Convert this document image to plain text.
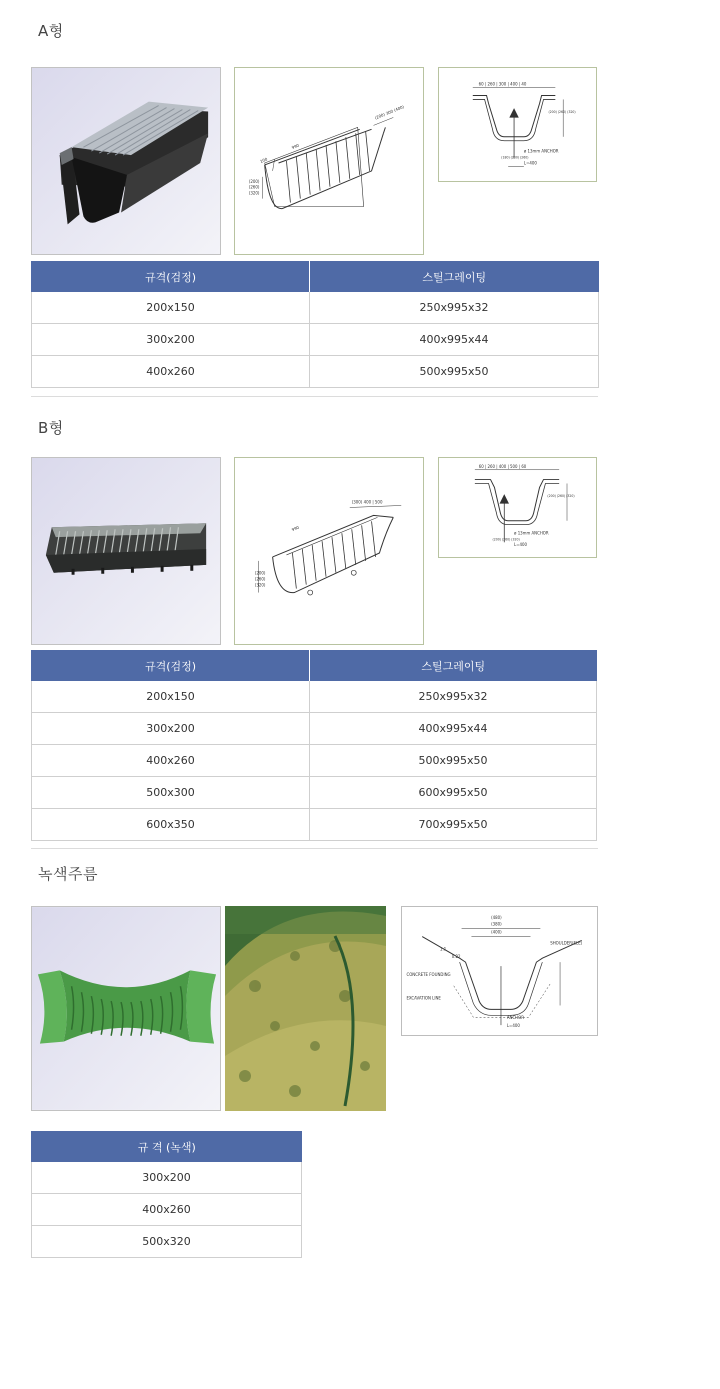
A형
(200)
(260)
(320)
100
990
(200) 300 (400)
60 | 260 | 300 | 400 | 40
(200) (260) (320)
(180) (200) (260)
ø 13mm ANCHOR
L=400
규격(검정)	스틸그레이팅
200x150	250x995x32
300x200	400x995x44
400x260	500x995x50
B형
(200)
(260)
(320)
990
(300) 400 | 500
60 | 260 | 400 | 500 | 60
(200) (260) (320)
(200) (260) (320)
ø 13mm ANCHOR
L=400
규격(검정)	스틸그레이팅
200x150	250x995x32
300x200	400x995x44
400x260	500x995x50
500x300	600x995x50
600x350	700x995x50
녹색주름
(480)
(380)
(400)
1:1
0.22
CONCRETE FOUNDING
EXCAVATION LINE
SHOULDER(ELE)
ANCHOR
L=400
규 격 (녹색)
300x200
400x260
500x320
